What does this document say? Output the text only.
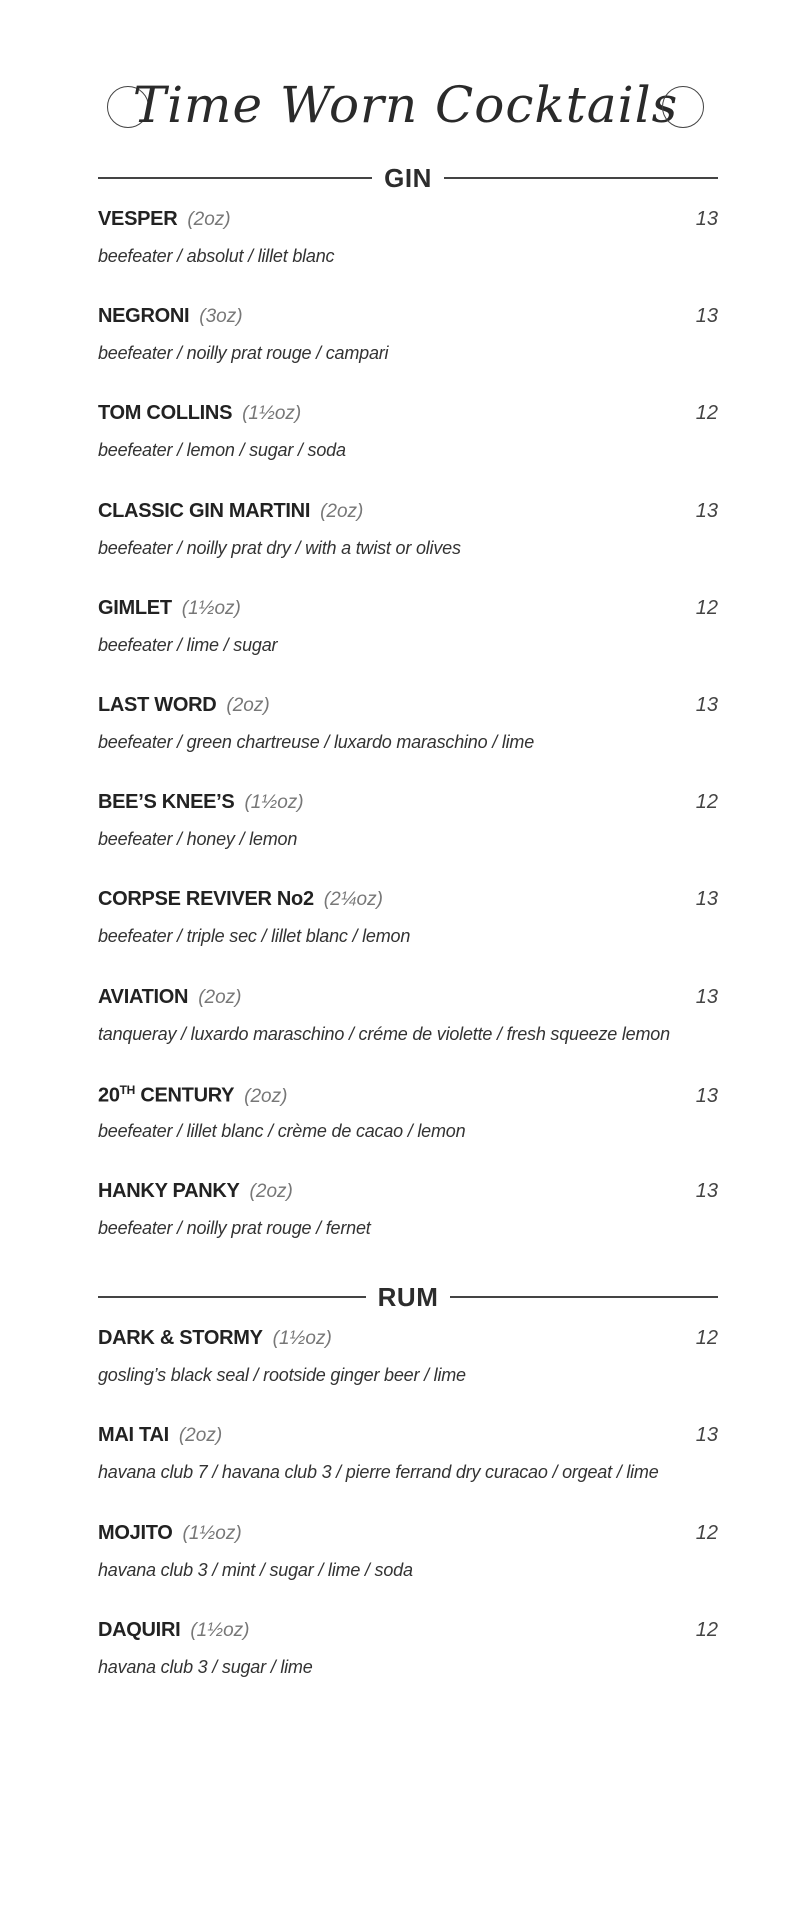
Time Worn Cocktails
GIN
VESPER (2oz)	13
beefeater / absolut / lillet blanc
NEGRONI (3oz)	13
beefeater / noilly prat rouge / campari
TOM COLLINS (1½oz)	12
beefeater / lemon / sugar / soda
CLASSIC GIN MARTINI (2oz)	13
beefeater / noilly prat dry / with a twist or olives
GIMLET (1½oz)	12
beefeater / lime / sugar
LAST WORD (2oz)	13
beefeater / green chartreuse / luxardo maraschino / lime
BEE’S KNEE’S (1½oz)	12
beefeater / honey / lemon
CORPSE REVIVER No2 (2¼oz)	13
beefeater / triple sec / lillet blanc / lemon
AVIATION (2oz)	13
tanqueray / luxardo maraschino / créme de violette / fresh squeeze lemon
20TH CENTURY (2oz)	13
beefeater / lillet blanc / crème de cacao / lemon
HANKY PANKY (2oz)	13
beefeater / noilly prat rouge / fernet
RUM
DARK & STORMY (1½oz)	12
gosling’s black seal / rootside ginger beer / lime
MAI TAI (2oz)	13
havana club 7 / havana club 3 / pierre ferrand dry curacao / orgeat / lime
MOJITO (1½oz)	12
havana club 3 / mint / sugar / lime / soda
DAQUIRI (1½oz)	12
havana club 3 / sugar / lime
